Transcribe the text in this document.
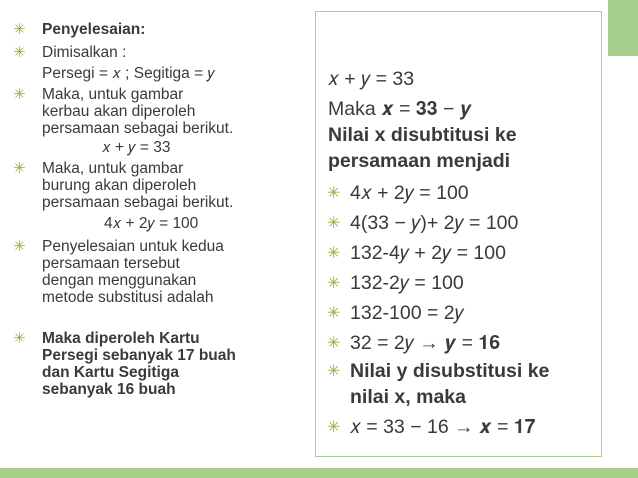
✳
Penyelesaian:
✳
Dimisalkan :
Persegi = 𝑥 ; Segitiga = 𝑦
✳
Maka, untuk gambar
kerbau akan diperoleh
persamaan sebagai berikut.
𝑥 + 𝑦 = 33
✳
Maka, untuk gambar
burung akan diperoleh
persamaan sebagai berikut.
4𝑥 + 2𝑦 = 100
✳
Penyelesaian untuk kedua
persamaan tersebut
dengan menggunakan
metode substitusi adalah
✳
Maka diperoleh Kartu
Persegi sebanyak 17 buah
dan Kartu Segitiga
sebanyak 16 buah
𝑥 + 𝑦 = 33
Maka 𝒙 = 𝟑𝟑 − 𝒚
Nilai x disubtitusi ke
persamaan menjadi
✳
4𝑥 + 2𝑦 = 100
✳
4(33 − 𝑦)+ 2𝑦 = 100
✳
132-4𝑦 + 2𝑦 = 100
✳
132-2𝑦 = 100
✳
132-100 = 2𝑦
✳
32 = 2𝑦 → 𝒚 = 𝟏𝟔
✳
Nilai y disubstitusi ke
nilai x, maka
✳
𝑥 = 33 − 16 → 𝒙 = 𝟏𝟕
